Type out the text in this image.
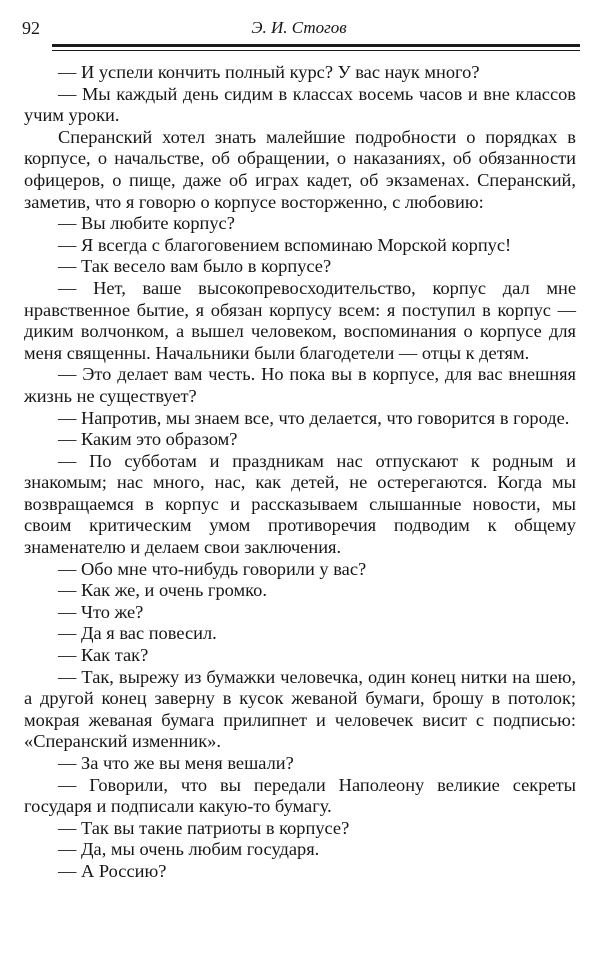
92	Э. И. Стогов

— И успели кончить полный курс? У вас наук много?

— Мы каждый день сидим в классах восемь часов и вне классов учим уроки.

Сперанский хотел знать малейшие подробности о порядках в корпусе, о начальстве, об обращении, о наказаниях, об обязанности офицеров, о пище, даже об играх кадет, об экзаменах. Сперанский, заметив, что я говорю о корпусе восторженно, с любовию:

— Вы любите корпус?

— Я всегда с благоговением вспоминаю Морской корпус!

— Так весело вам было в корпусе?

— Нет, ваше высокопревосходительство, корпус дал мне нравственное бытие, я обязан корпусу всем: я поступил в корпус — диким волчонком, а вышел человеком, воспоминания о корпусе для меня священны. Начальники были благодетели — отцы к детям.

— Это делает вам честь. Но пока вы в корпусе, для вас внешняя жизнь не существует?

— Напротив, мы знаем все, что делается, что говорится в городе.

— Каким это образом?

— По субботам и праздникам нас отпускают к родным и знакомым; нас много, нас, как детей, не остерегаются. Когда мы возвращаемся в корпус и рассказываем слышанные новости, мы своим критическим умом противоречия подводим к общему знаменателю и делаем свои заключения.

— Обо мне что-нибудь говорили у вас?

— Как же, и очень громко.

— Что же?

— Да я вас повесил.

— Как так?

— Так, вырежу из бумажки человечка, один конец нитки на шею, а другой конец заверну в кусок жеваной бумаги, брошу в потолок; мокрая жеваная бумага прилипнет и человечек висит с подписью: «Сперанский изменник».

— За что же вы меня вешали?

— Говорили, что вы передали Наполеону великие секреты государя и подписали какую-то бумагу.

— Так вы такие патриоты в корпусе?

— Да, мы очень любим государя.

— А Россию?
